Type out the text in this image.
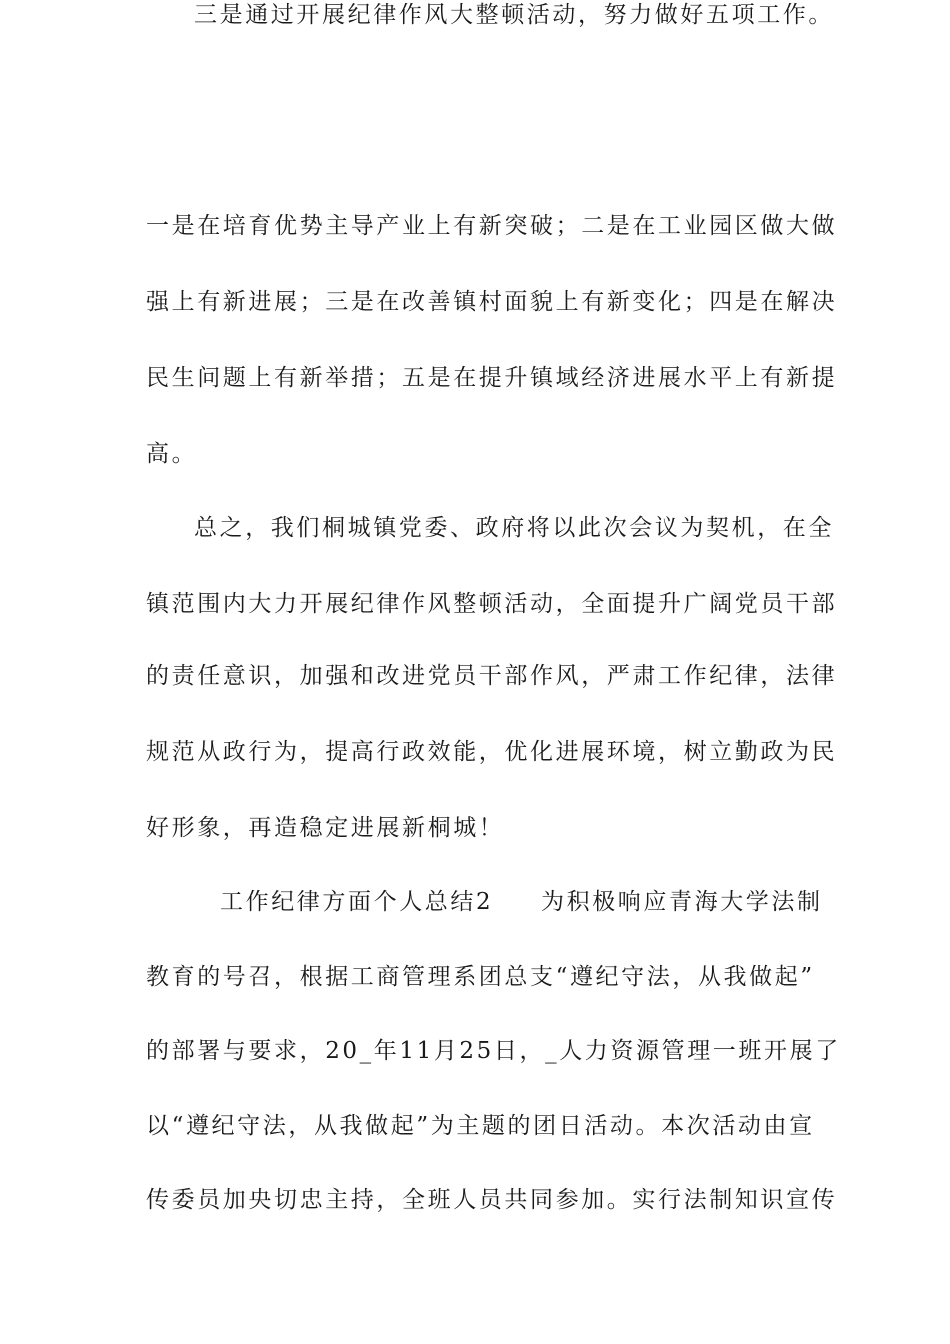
三是通过开展纪律作风大整顿活动，努力做好五项工作。
一是在培育优势主导产业上有新突破；二是在工业园区做大做
强上有新进展；三是在改善镇村面貌上有新变化；四是在解决
民生问题上有新举措；五是在提升镇域经济进展水平上有新提
高。
总之，我们桐城镇党委、政府将以此次会议为契机，在全
镇范围内大力开展纪律作风整顿活动，全面提升广阔党员干部
的责任意识，加强和改进党员干部作风，严肃工作纪律，法律
规范从政行为，提高行政效能，优化进展环境，树立勤政为民
好形象，再造稳定进展新桐城！
工作纪律方面个人总结2 为积极响应青海大学法制
教育的号召，根据工商管理系团总支“遵纪守法，从我做起”
的部署与要求，20_年11月25日，_人力资源管理一班开展了
以“遵纪守法，从我做起”为主题的团日活动。本次活动由宣
传委员加央切忠主持，全班人员共同参加。实行法制知识宣传
